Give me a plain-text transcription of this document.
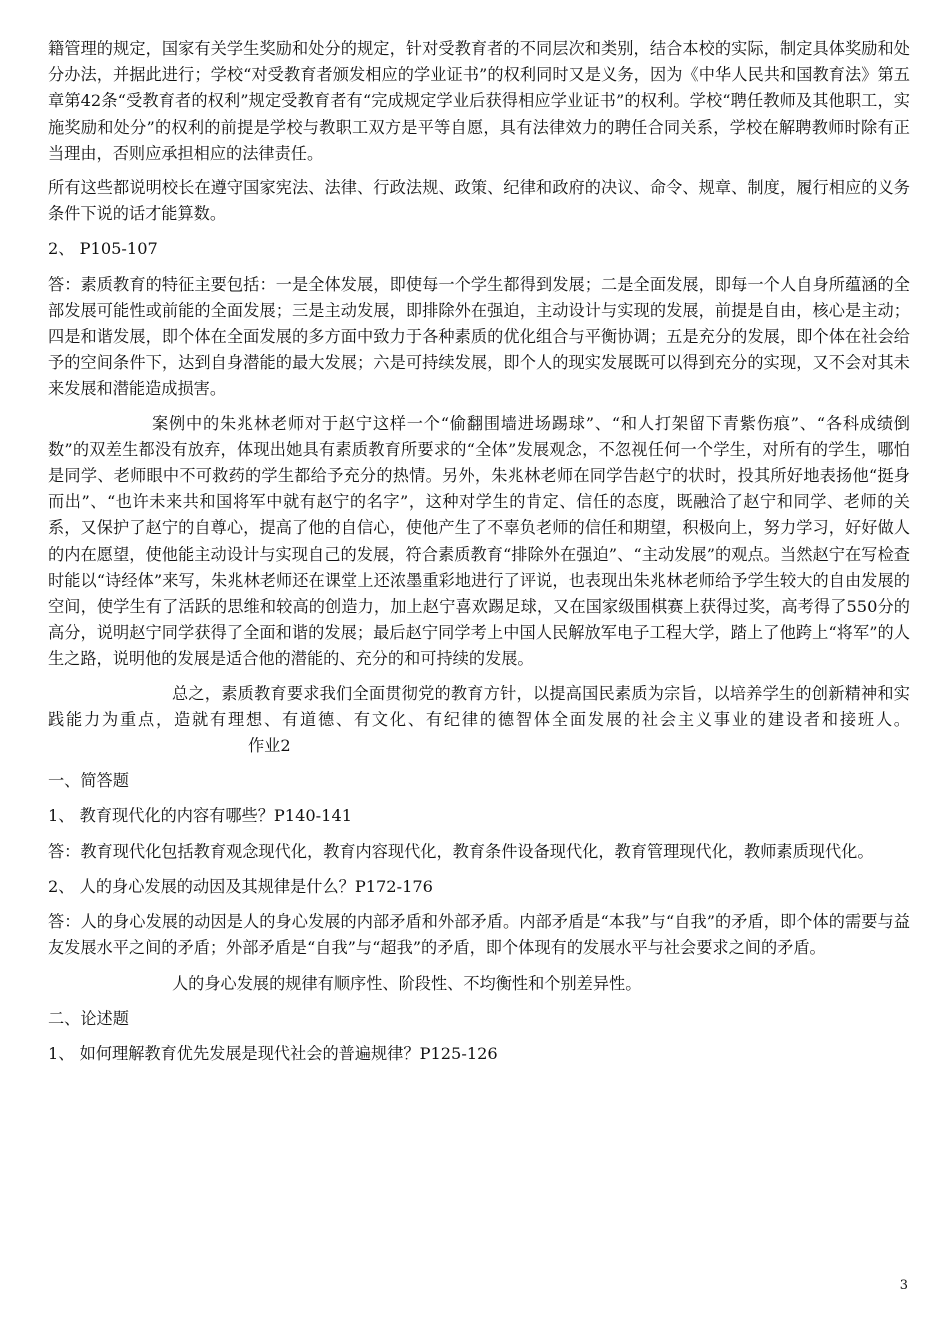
籍管理的规定，国家有关学生奖励和处分的规定，针对受教育者的不同层次和类别，结合本校的实际，制定具体奖励和处分办法，并据此进行；学校“对受教育者颁发相应的学业证书”的权利同时又是义务，因为《中华人民共和国教育法》第五章第42条“受教育者的权利”规定受教育者有“完成规定学业后获得相应学业证书”的权利。学校“聘任教师及其他职工，实施奖励和处分”的权利的前提是学校与教职工双方是平等自愿，具有法律效力的聘任合同关系，学校在解聘教师时除有正当理由，否则应承担相应的法律责任。

所有这些都说明校长在遵守国家宪法、法律、行政法规、政策、纪律和政府的决议、命令、规章、制度，履行相应的义务条件下说的话才能算数。

2、 P105-107

答：素质教育的特征主要包括：一是全体发展，即使每一个学生都得到发展；二是全面发展，即每一个人自身所蕴涵的全部发展可能性或前能的全面发展；三是主动发展，即排除外在强迫，主动设计与实现的发展，前提是自由，核心是主动；四是和谐发展，即个体在全面发展的多方面中致力于各种素质的优化组合与平衡协调；五是充分的发展，即个体在社会给予的空间条件下，达到自身潜能的最大发展；六是可持续发展，即个人的现实发展既可以得到充分的实现，又不会对其未来发展和潜能造成损害。

案例中的朱兆林老师对于赵宁这样一个“偷翻围墙进场踢球”、“和人打架留下青紫伤痕”、“各科成绩倒数”的双差生都没有放弃，体现出她具有素质教育所要求的“全体”发展观念，不忽视任何一个学生，对所有的学生，哪怕是同学、老师眼中不可救药的学生都给予充分的热情。另外，朱兆林老师在同学告赵宁的状时，投其所好地表扬他“挺身而出”、“也许未来共和国将军中就有赵宁的名字”，这种对学生的肯定、信任的态度，既融洽了赵宁和同学、老师的关系，又保护了赵宁的自尊心，提高了他的自信心，使他产生了不辜负老师的信任和期望，积极向上，努力学习，好好做人的内在愿望，使他能主动设计与实现自己的发展，符合素质教育“排除外在强迫”、“主动发展”的观点。当然赵宁在写检查时能以“诗经体”来写，朱兆林老师还在课堂上还浓墨重彩地进行了评说，也表现出朱兆林老师给予学生较大的自由发展的空间，使学生有了活跃的思维和较高的创造力，加上赵宁喜欢踢足球，又在国家级围棋赛上获得过奖，高考得了550分的高分，说明赵宁同学获得了全面和谐的发展；最后赵宁同学考上中国人民解放军电子工程大学，踏上了他跨上“将军”的人生之路，说明他的发展是适合他的潜能的、充分的和可持续的发展。

总之，素质教育要求我们全面贯彻党的教育方针，以提高国民素质为宗旨，以培养学生的创新精神和实践能力为重点，造就有理想、有道德、有文化、有纪律的德智体全面发展的社会主义事业的建设者和接班人。作业2

一、简答题

1、 教育现代化的内容有哪些？P140-141

答：教育现代化包括教育观念现代化，教育内容现代化，教育条件设备现代化，教育管理现代化，教师素质现代化。

2、 人的身心发展的动因及其规律是什么？P172-176

答：人的身心发展的动因是人的身心发展的内部矛盾和外部矛盾。内部矛盾是“本我”与“自我”的矛盾，即个体的需要与益友发展水平之间的矛盾；外部矛盾是“自我”与“超我”的矛盾，即个体现有的发展水平与社会要求之间的矛盾。

人的身心发展的规律有顺序性、阶段性、不均衡性和个别差异性。

二、论述题

1、 如何理解教育优先发展是现代社会的普遍规律？P125-126

3
